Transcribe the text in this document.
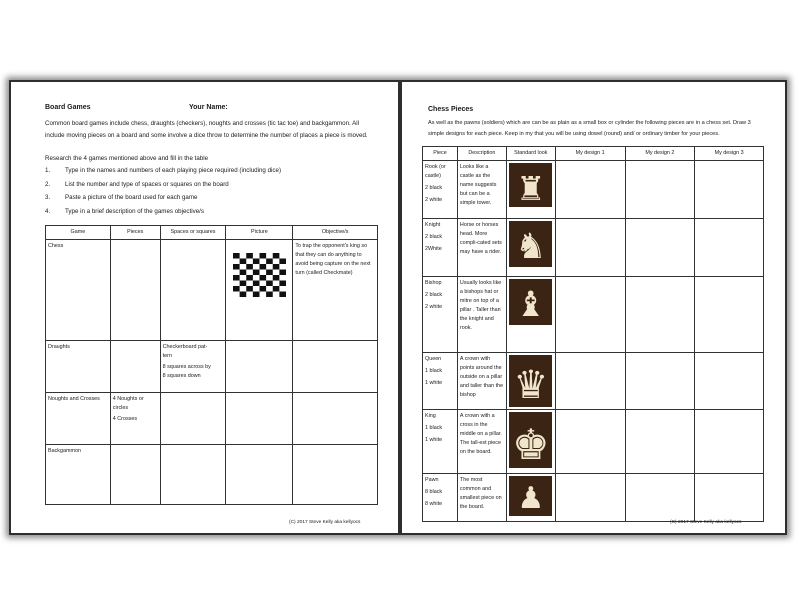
Board Games	Your Name:
Common board games include chess, draughts (checkers), noughts and crosses (tic tac toe) and backgammon. All include moving pieces on a board and some involve a dice throw to determine the number of places a piece is moved.
Research the 4 games mentioned above and fill in the table
1. Type in the names and numbers of each playing piece required (including dice)
2. List the number and type of spaces or squares on the board
3. Paste a picture of the board used for each game
4. Type in a brief description of the games objective/s
Game	Pieces	Spaces or squares	Picture	Objective/s
Chess				To trap the opponent's king so that they can do anything to avoid being capture on the next turn (called Checkmate)
Draughts		Checkerboard pat-
tern
8 squares across by
8 squares down		

Noughts and Crosses	4 Noughts or
circles
4 Crosses			

Backgammon				
(C) 2017 Steve Kelly aka kellyocs
Chess Pieces
As well as the pawns (soldiers) which are can be as plain as a small box or cylinder the following pieces are in a chess set. Draw 3 simple designs for each piece. Keep in my that you will be using dowel (round) and/ or ordinary timber for your pieces.
Piece	Description	Standard look	My design 1	My design 2	My design 3

Rook (or castle)
2 black
2 white	Looks like a castle as the name suggests but can be a simple tower.	♜			

Knight
2 black
2White	Horse or horses head. More compli-cated sets may have a rider.	♞			

Bishop
2 black
2 white	Usually looks like a bishops hat or mitre on top of a pillar . Taller than the knight and rook.	♝			

Queen
1 black
1 white	A crown with points around the outside on a pillar and taller than the bishop	♛			

King
1 black
1 white	A crown with a cross in the middle on a pillar. The tall-est piece on the board.	♚			

Pawn
8 black
8 white	The most common and smallest piece on the board.	♟			

(C) 2017 Steve Kelly aka kellyocs
